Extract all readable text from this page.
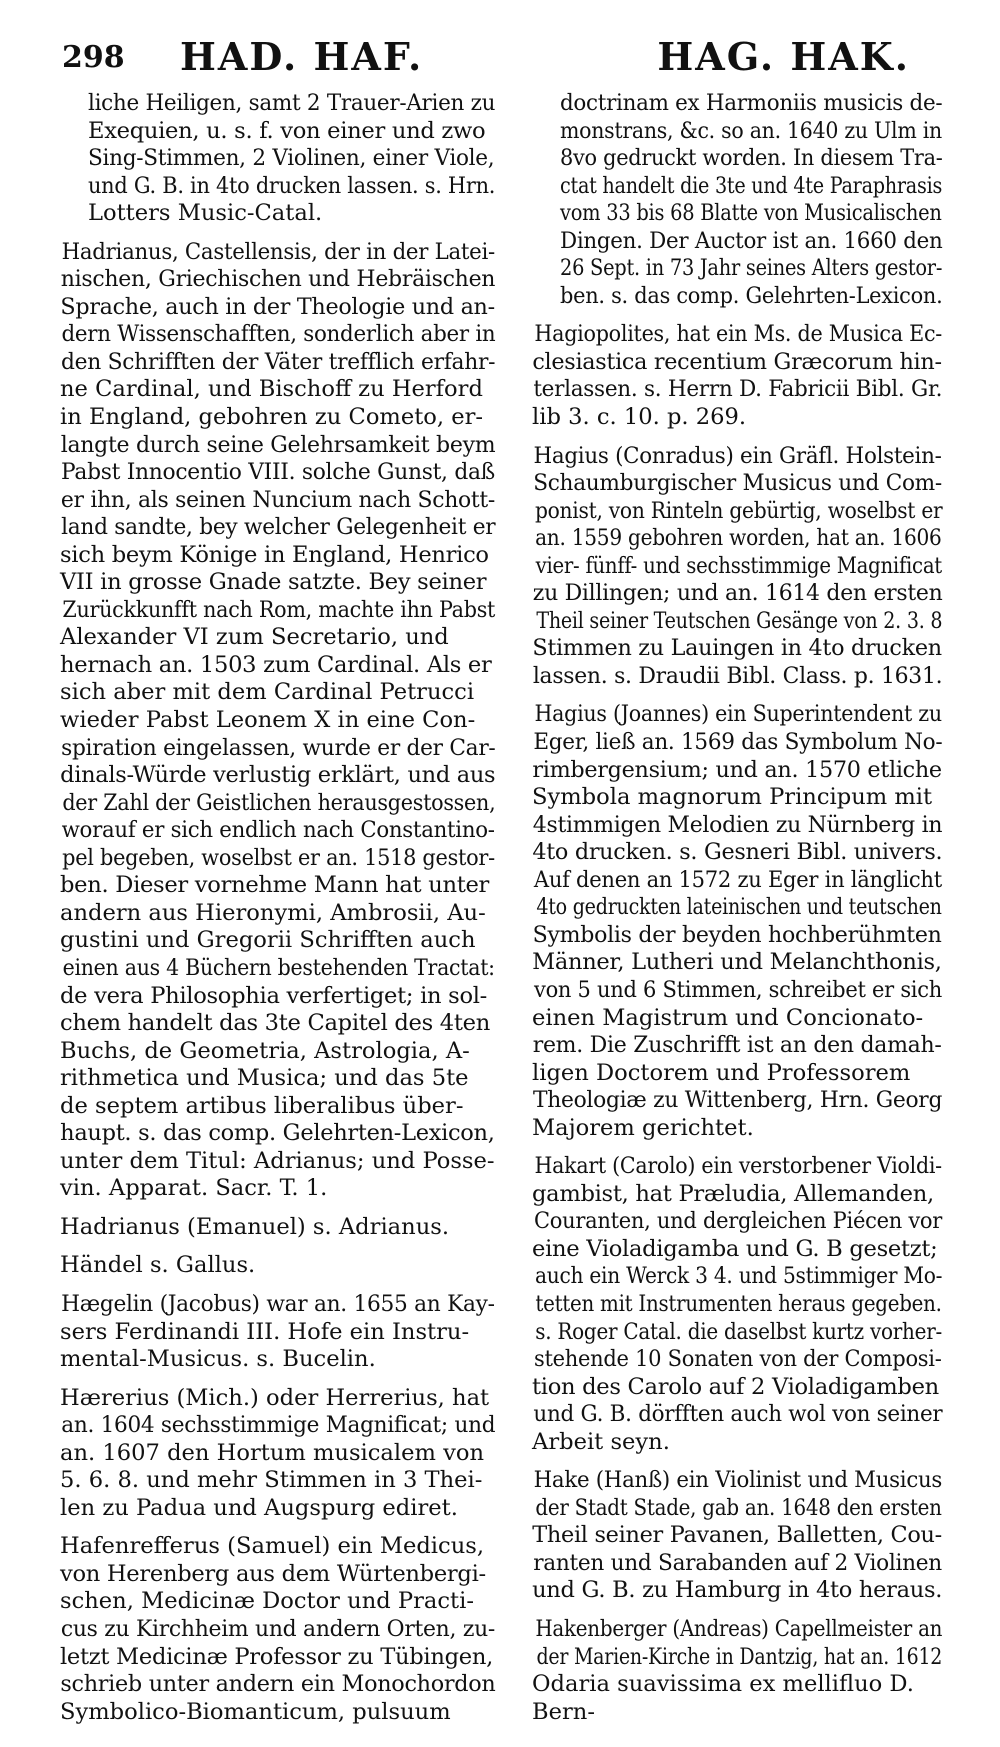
298 HAD. HAF.	HAG. HAK.

liche Heiligen, samt 2 Trauer-Arien zu
Exequien, u. s. f. von einer und zwo
Sing-Stimmen, 2 Violinen, einer Viole,
und G. B. in 4to drucken lassen. s. Hrn.
Lotters Music-Catal.

Hadrianus, Castellensis, der in der Latei-
nischen, Griechischen und Hebräischen
Sprache, auch in der Theologie und an-
dern Wissenschafften, sonderlich aber in
den Schrifften der Väter trefflich erfahr-
ne Cardinal, und Bischoff zu Herford
in England, gebohren zu Cometo, er-
langte durch seine Gelehrsamkeit beym
Pabst Innocentio VIII. solche Gunst, daß
er ihn, als seinen Nuncium nach Schott-
land sandte, bey welcher Gelegenheit er
sich beym Könige in England, Henrico
VII in grosse Gnade satzte. Bey seiner
Zurückkunfft nach Rom, machte ihn Pabst
Alexander VI zum Secretario, und
hernach an. 1503 zum Cardinal. Als er
sich aber mit dem Cardinal Petrucci
wieder Pabst Leonem X in eine Con-
spiration eingelassen, wurde er der Car-
dinals-Würde verlustig erklärt, und aus
der Zahl der Geistlichen herausgestossen,
worauf er sich endlich nach Constantino-
pel begeben, woselbst er an. 1518 gestor-
ben. Dieser vornehme Mann hat unter
andern aus Hieronymi, Ambrosii, Au-
gustini und Gregorii Schrifften auch
einen aus 4 Büchern bestehenden Tractat:
de vera Philosophia verfertiget; in sol-
chem handelt das 3te Capitel des 4ten
Buchs, de Geometria, Astrologia, A-
rithmetica und Musica; und das 5te
de septem artibus liberalibus über-
haupt. s. das comp. Gelehrten-Lexicon,
unter dem Titul: Adrianus; und Posse-
vin. Apparat. Sacr. T. 1.

Hadrianus (Emanuel) s. Adrianus.

Händel s. Gallus.

Hægelin (Jacobus) war an. 1655 an Kay-
sers Ferdinandi III. Hofe ein Instru-
mental-Musicus. s. Bucelin.

Hærerius (Mich.) oder Herrerius, hat
an. 1604 sechsstimmige Magnificat; und
an. 1607 den Hortum musicalem von
5. 6. 8. und mehr Stimmen in 3 Thei-
len zu Padua und Augspurg ediret.

Hafenrefferus (Samuel) ein Medicus,
von Herenberg aus dem Würtenbergi-
schen, Medicinæ Doctor und Practi-
cus zu Kirchheim und andern Orten, zu-
letzt Medicinæ Professor zu Tübingen,
schrieb unter andern ein Monochordon
Symbolico-Biomanticum, pulsuum

doctrinam ex Harmoniis musicis de-
monstrans, &c. so an. 1640 zu Ulm in
8vo gedruckt worden. In diesem Tra-
ctat handelt die 3te und 4te Paraphrasis
vom 33 bis 68 Blatte von Musicalischen
Dingen. Der Auctor ist an. 1660 den
26 Sept. in 73 Jahr seines Alters gestor-
ben. s. das comp. Gelehrten-Lexicon.

Hagiopolites, hat ein Ms. de Musica Ec-
clesiastica recentium Græcorum hin-
terlassen. s. Herrn D. Fabricii Bibl. Gr.
lib 3. c. 10. p. 269.

Hagius (Conradus) ein Gräfl. Holstein-
Schaumburgischer Musicus und Com-
ponist, von Rinteln gebürtig, woselbst er
an. 1559 gebohren worden, hat an. 1606
vier- fünff- und sechsstimmige Magnificat
zu Dillingen; und an. 1614 den ersten
Theil seiner Teutschen Gesänge von 2. 3. 8
Stimmen zu Lauingen in 4to drucken
lassen. s. Draudii Bibl. Class. p. 1631.

Hagius (Joannes) ein Superintendent zu
Eger, ließ an. 1569 das Symbolum No-
rimbergensium; und an. 1570 etliche
Symbola magnorum Principum mit
4stimmigen Melodien zu Nürnberg in
4to drucken. s. Gesneri Bibl. univers.
Auf denen an 1572 zu Eger in länglicht
4to gedruckten lateinischen und teutschen
Symbolis der beyden hochberühmten
Männer, Lutheri und Melanchthonis,
von 5 und 6 Stimmen, schreibet er sich
einen Magistrum und Concionato-
rem. Die Zuschrifft ist an den damah-
ligen Doctorem und Professorem
Theologiæ zu Wittenberg, Hrn. Georg
Majorem gerichtet.

Hakart (Carolo) ein verstorbener Violdi-
gambist, hat Præludia, Allemanden,
Couranten, und dergleichen Piécen vor
eine Violadigamba und G. B gesetzt;
auch ein Werck 3 4. und 5stimmiger Mo-
tetten mit Instrumenten heraus gegeben.
s. Roger Catal. die daselbst kurtz vorher-
stehende 10 Sonaten von der Composi-
tion des Carolo auf 2 Violadigamben
und G. B. dörfften auch wol von seiner
Arbeit seyn.

Hake (Hanß) ein Violinist und Musicus
der Stadt Stade, gab an. 1648 den ersten
Theil seiner Pavanen, Balletten, Cou-
ranten und Sarabanden auf 2 Violinen
und G. B. zu Hamburg in 4to heraus.

Hakenberger (Andreas) Capellmeister an
der Marien-Kirche in Dantzig, hat an. 1612
Odaria suavissima ex mellifluo D.
Bern-
